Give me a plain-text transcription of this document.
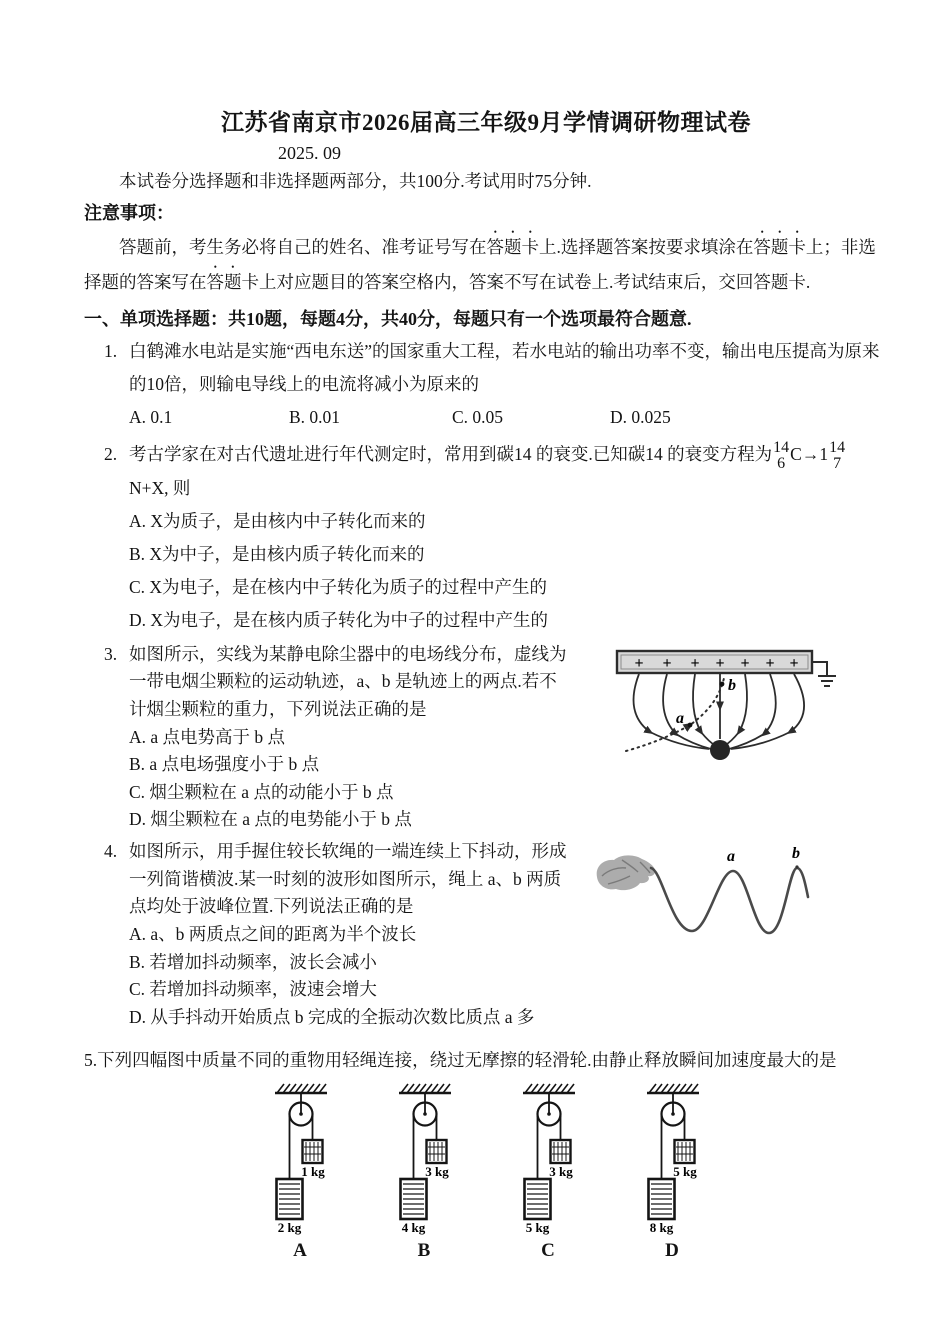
江苏省南京市2026届高三年级9月学情调研物理试卷
2025. 09

本试卷分选择题和非选择题两部分，共100分.考试用时75分钟.

注意事项：

答题前，考生务必将自己的姓名、准考证号写在答题卡上.选择题答案按要求填涂在答题卡上；非选择题的答案写在答题卡上对应题目的答案空格内，答案不写在试卷上.考试结束后，交回答题卡.

一、单项选择题：共10题，每题4分，共40分，每题只有一个选项最符合题意.

1. 白鹤滩水电站是实施“西电东送”的国家重大工程，若水电站的输出功率不变，输出电压提高为原来的10倍，则输电导线上的电流将减小为原来的
A. 0.1	B. 0.01	C. 0.05	D. 0.025
2. 考古学家在对古代遗址进行年代测定时，常用到碳14 的衰变.已知碳14 的衰变方程为 14
6 C→1 14
7
N+X, 则
A. X为质子，是由核内中子转化而来的
B. X为中子，是由核内质子转化而来的
C. X为电子，是在核内中子转化为质子的过程中产生的
D. X为电子，是在核内质子转化为中子的过程中产生的
+ + + + + + +
a
b
3. 如图所示，实线为某静电除尘器中的电场线分布，虚线为一带电烟尘颗粒的运动轨迹，a、b 是轨迹上的两点.若不计烟尘颗粒的重力，下列说法正确的是
A. a 点电势高于 b 点
B. a 点电场强度小于 b 点
C. 烟尘颗粒在 a 点的动能小于 b 点
D. 烟尘颗粒在 a 点的电势能小于 b 点
a	b
4. 如图所示，用手握住较长软绳的一端连续上下抖动，形成一列简谐横波.某一时刻的波形如图所示，绳上 a、b 两质点均处于波峰位置.下列说法正确的是
A. a、b 两质点之间的距离为半个波长
B. 若增加抖动频率，波长会减小
C. 若增加抖动频率，波速会增大
D. 从手抖动开始质点 b 完成的全振动次数比质点 a 多

5.下列四幅图中质量不同的重物用轻绳连接，绕过无摩擦的轻滑轮.由静止释放瞬间加速度最大的是

1 kg
2 kg
A
3 kg
4 kg
B
3 kg
5 kg
C
5 kg
8 kg
D
